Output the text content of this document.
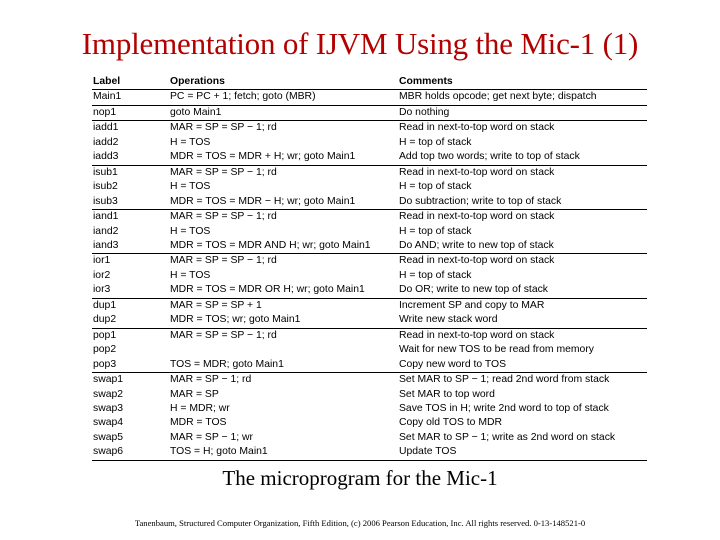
Implementation of IJVM Using the Mic-1 (1)
Label	Operations	Comments
Main1	PC = PC + 1; fetch; goto (MBR)	MBR holds opcode; get next byte; dispatch
nop1	goto Main1	Do nothing
iadd1	MAR = SP = SP − 1; rd	Read in next-to-top word on stack
iadd2	H = TOS	H = top of stack
iadd3	MDR = TOS = MDR + H; wr; goto Main1	Add top two words; write to top of stack
isub1	MAR = SP = SP − 1; rd	Read in next-to-top word on stack
isub2	H = TOS	H = top of stack
isub3	MDR = TOS = MDR − H; wr; goto Main1	Do subtraction; write to top of stack
iand1	MAR = SP = SP − 1; rd	Read in next-to-top word on stack
iand2	H = TOS	H = top of stack
iand3	MDR = TOS = MDR AND H; wr; goto Main1	Do AND; write to new top of stack
ior1	MAR = SP = SP − 1; rd	Read in next-to-top word on stack
ior2	H = TOS	H = top of stack
ior3	MDR = TOS = MDR OR H; wr; goto Main1	Do OR; write to new top of stack
dup1	MAR = SP = SP + 1	Increment SP and copy to MAR
dup2	MDR = TOS; wr; goto Main1	Write new stack word
pop1	MAR = SP = SP − 1; rd	Read in next-to-top word on stack
pop2		Wait for new TOS to be read from memory
pop3	TOS = MDR; goto Main1	Copy new word to TOS
swap1	MAR = SP − 1; rd	Set MAR to SP − 1; read 2nd word from stack
swap2	MAR = SP	Set MAR to top word
swap3	H = MDR; wr	Save TOS in H; write 2nd word to top of stack
swap4	MDR = TOS	Copy old TOS to MDR
swap5	MAR = SP − 1; wr	Set MAR to SP − 1; write as 2nd word on stack
swap6	TOS = H; goto Main1	Update TOS
The microprogram for the Mic-1
Tanenbaum, Structured Computer Organization, Fifth Edition, (c) 2006 Pearson Education, Inc. All rights reserved. 0-13-148521-0
